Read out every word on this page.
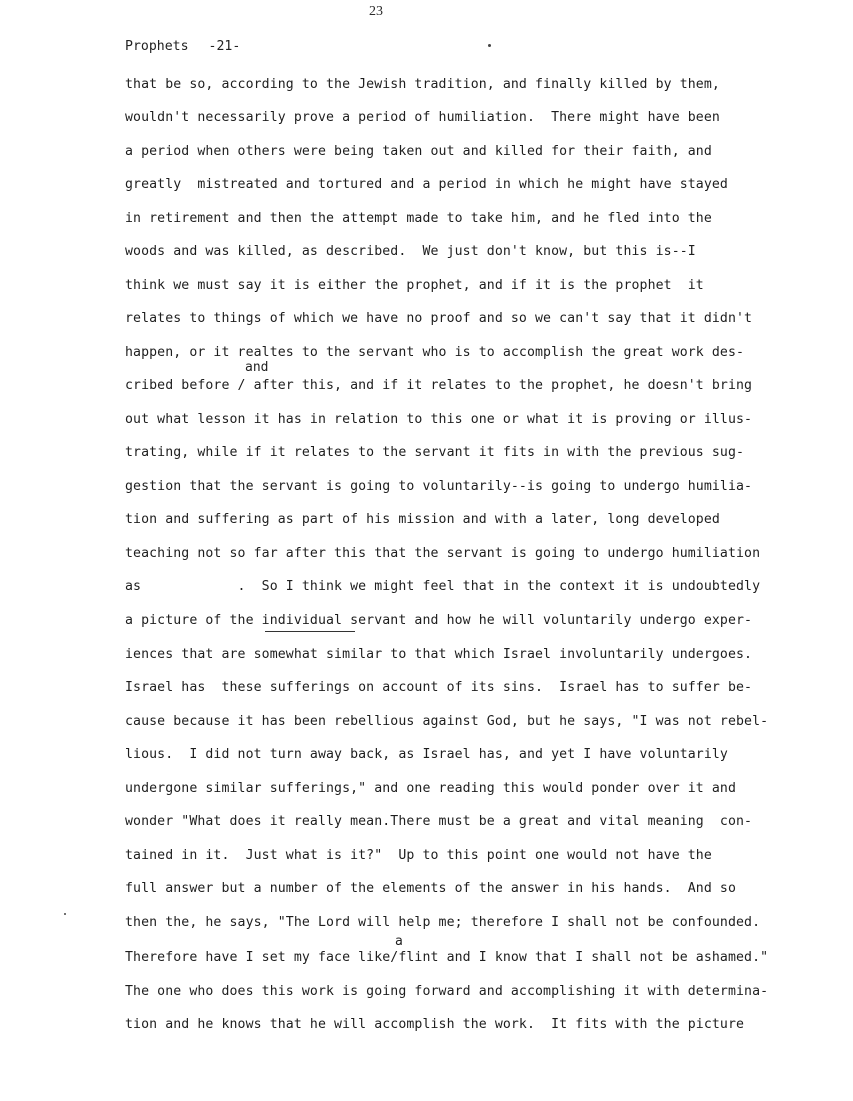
23
Prophets -21-
that be so, according to the Jewish tradition, and finally killed by them,
wouldn't necessarily prove a period of humiliation.  There might have been
a period when others were being taken out and killed for their faith, and
greatly  mistreated and tortured and a period in which he might have stayed
in retirement and then the attempt made to take him, and he fled into the
woods and was killed, as described.  We just don't know, but this is--I
think we must say it is either the prophet, and if it is the prophet  it
relates to things of which we have no proof and so we can't say that it didn't
happen, or it realtes to the servant who is to accomplish the great work des-
and
cribed before / after this, and if it relates to the prophet, he doesn't bring
out what lesson it has in relation to this one or what it is proving or illus-
trating, while if it relates to the servant it fits in with the previous sug-
gestion that the servant is going to voluntarily--is going to undergo humilia-
tion and suffering as part of his mission and with a later, long developed
teaching not so far after this that the servant is going to undergo humiliation
as            .  So I think we might feel that in the context it is undoubtedly
a picture of the individual servant and how he will voluntarily undergo exper-
iences that are somewhat similar to that which Israel involuntarily undergoes.
Israel has  these sufferings on account of its sins.  Israel has to suffer be-
cause because it has been rebellious against God, but he says, "I was not rebel-
lious.  I did not turn away back, as Israel has, and yet I have voluntarily
undergone similar sufferings," and one reading this would ponder over it and
wonder "What does it really mean.There must be a great and vital meaning  con-
tained in it.  Just what is it?"  Up to this point one would not have the
full answer but a number of the elements of the answer in his hands.  And so
then the, he says, "The Lord will help me; therefore I shall not be confounded.
a
Therefore have I set my face like/flint and I know that I shall not be ashamed."
The one who does this work is going forward and accomplishing it with determina-
tion and he knows that he will accomplish the work.  It fits with the picture
